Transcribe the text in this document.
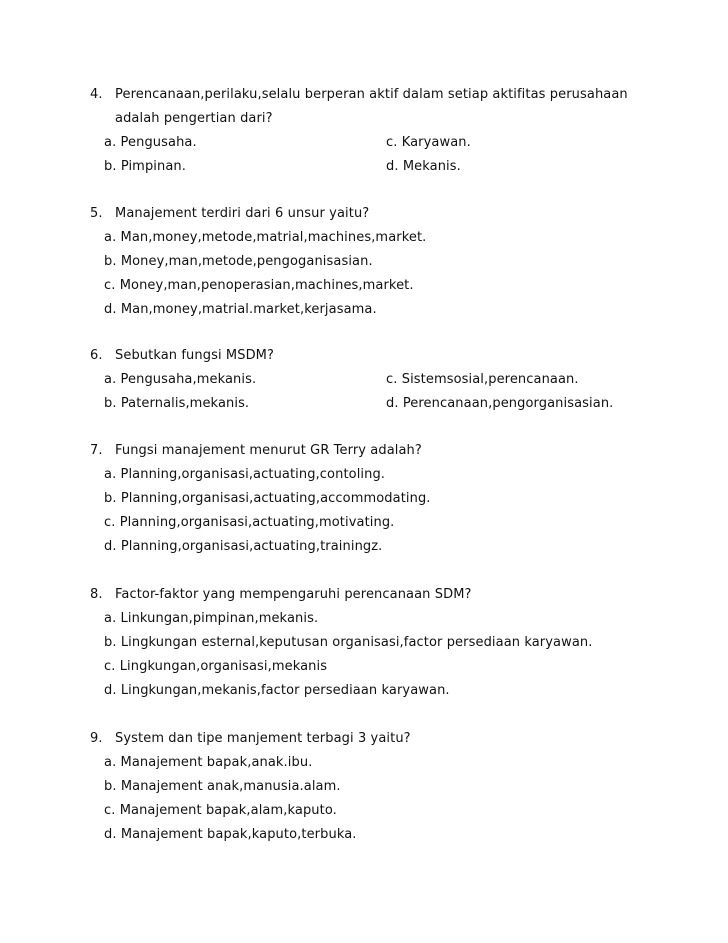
4. Perencanaan,perilaku,selalu berperan aktif dalam setiap aktifitas perusahaan
adalah pengertian dari?
a. Pengusaha.	c. Karyawan.
b. Pimpinan.	d. Mekanis.
5. Manajement terdiri dari 6 unsur yaitu?
a. Man,money,metode,matrial,machines,market.
b. Money,man,metode,pengoganisasian.
c. Money,man,penoperasian,machines,market.
d. Man,money,matrial.market,kerjasama.
6. Sebutkan fungsi MSDM?
a. Pengusaha,mekanis.	c. Sistemsosial,perencanaan.
b. Paternalis,mekanis.	d. Perencanaan,pengorganisasian.
7. Fungsi manajement menurut GR Terry adalah?
a. Planning,organisasi,actuating,contoling.
b. Planning,organisasi,actuating,accommodating.
c. Planning,organisasi,actuating,motivating.
d. Planning,organisasi,actuating,trainingz.
8. Factor-faktor yang mempengaruhi perencanaan SDM?
a. Linkungan,pimpinan,mekanis.
b. Lingkungan esternal,keputusan organisasi,factor persediaan karyawan.
c. Lingkungan,organisasi,mekanis
d. Lingkungan,mekanis,factor persediaan karyawan.
9. System dan tipe manjement terbagi 3 yaitu?
a. Manajement bapak,anak.ibu.
b. Manajement anak,manusia.alam.
c. Manajement bapak,alam,kaputo.
d. Manajement bapak,kaputo,terbuka.
